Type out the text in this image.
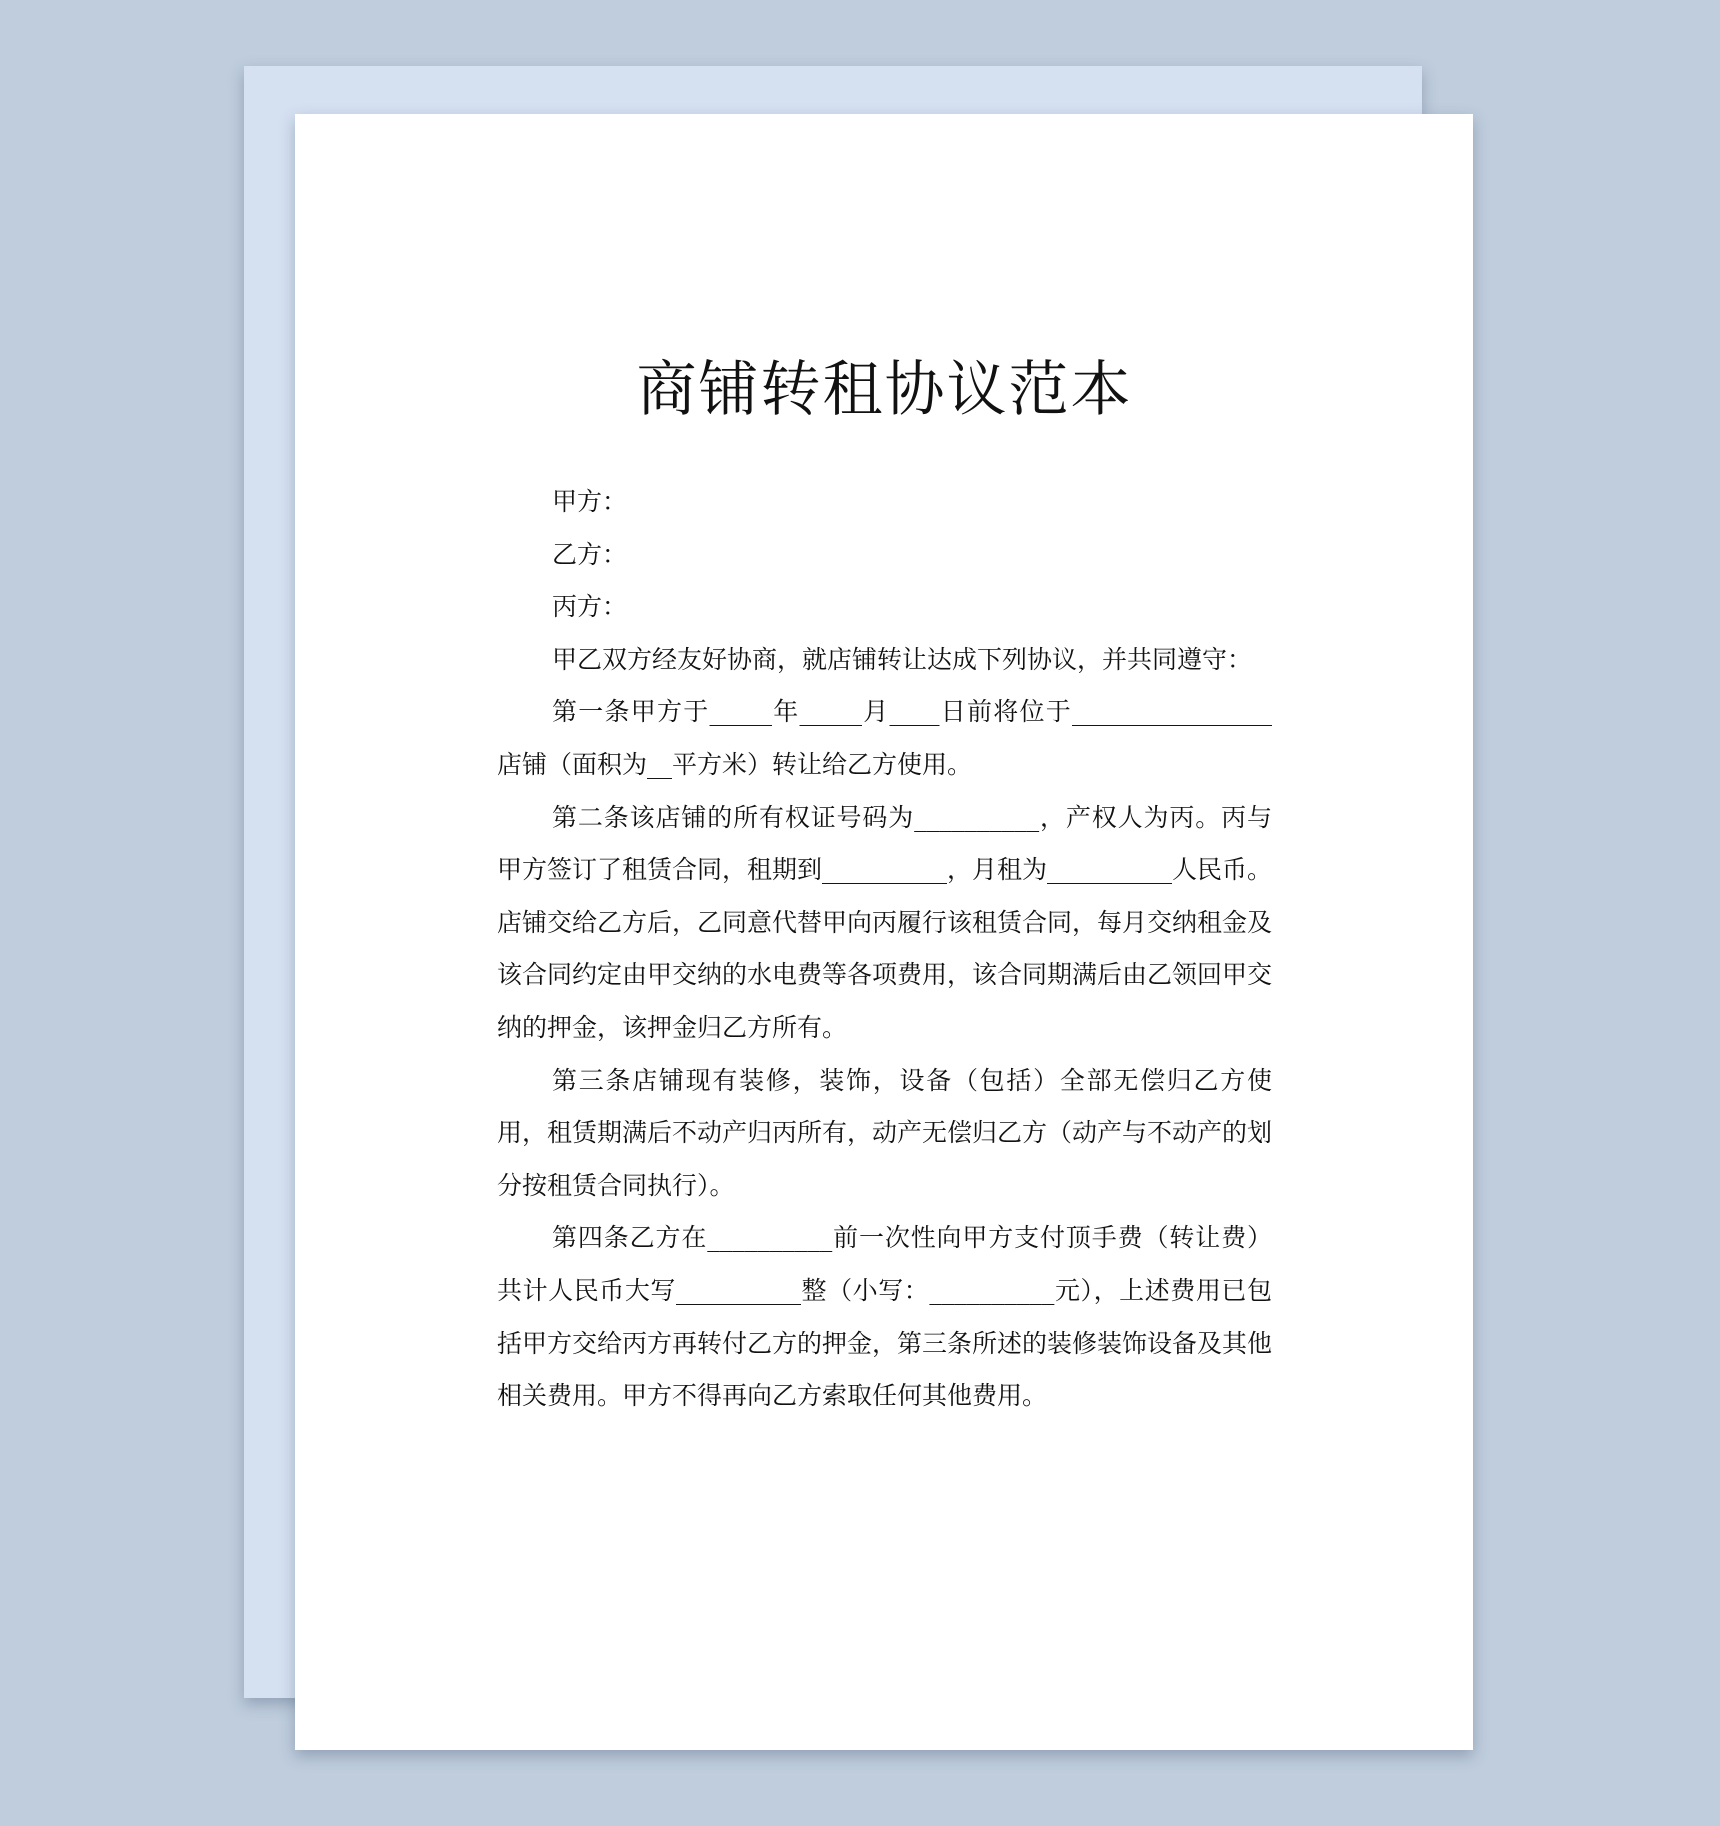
商铺转租协议范本

甲方：

乙方：

丙方：

甲乙双方经友好协商，就店铺转让达成下列协议，并共同遵守：

第一条甲方于_____年_____月____日前将位于________________店铺（面积为__平方米）转让给乙方使用。

第二条该店铺的所有权证号码为__________，产权人为丙。丙与甲方签订了租赁合同，租期到__________，月租为__________人民币。店铺交给乙方后，乙同意代替甲向丙履行该租赁合同，每月交纳租金及该合同约定由甲交纳的水电费等各项费用，该合同期满后由乙领回甲交纳的押金，该押金归乙方所有。

第三条店铺现有装修，装饰，设备（包括）全部无偿归乙方使用，租赁期满后不动产归丙所有，动产无偿归乙方（动产与不动产的划分按租赁合同执行）。

第四条乙方在__________前一次性向甲方支付顶手费（转让费）共计人民币大写__________整（小写：__________元），上述费用已包括甲方交给丙方再转付乙方的押金，第三条所述的装修装饰设备及其他相关费用。甲方不得再向乙方索取任何其他费用。
